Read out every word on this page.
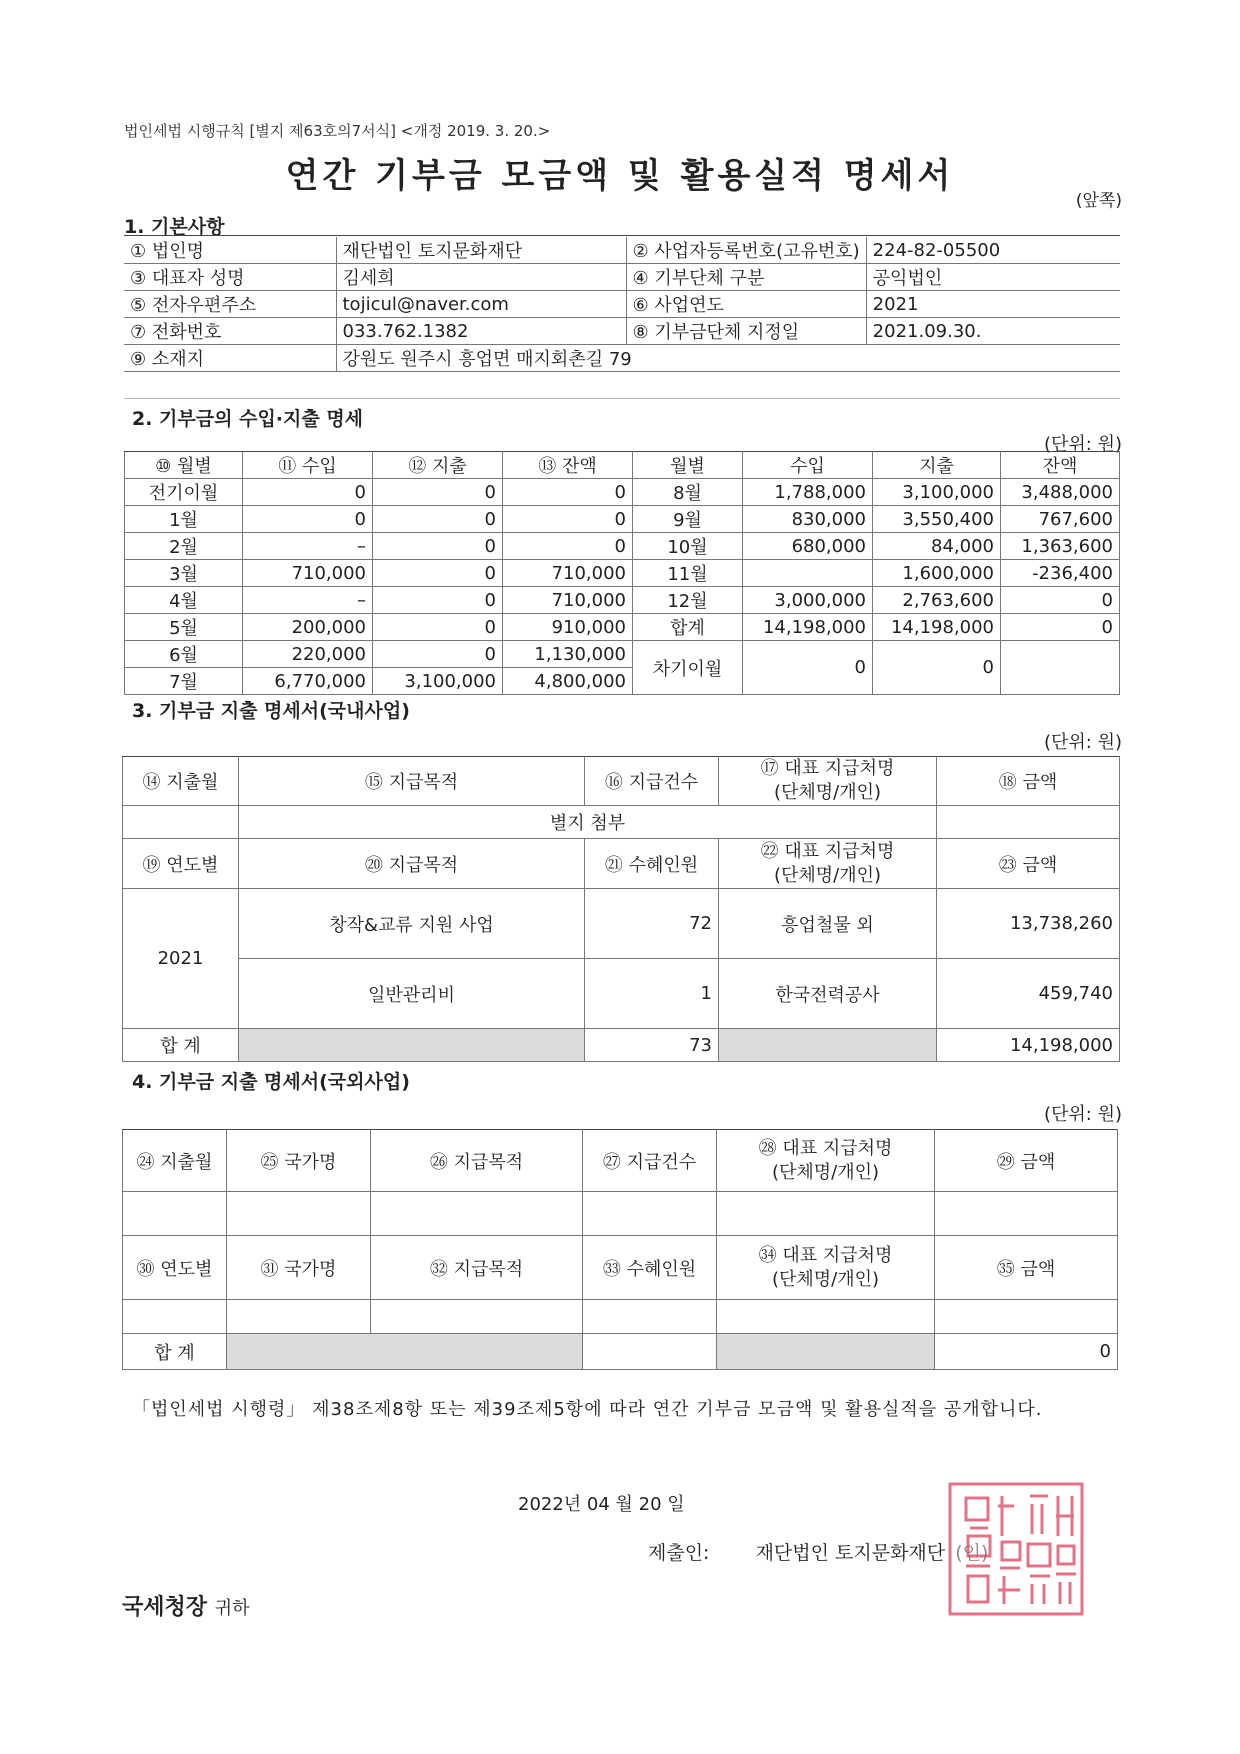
법인세법 시행규칙 [별지 제63호의7서식] <개정 2019. 3. 20.>
연간 기부금 모금액 및 활용실적 명세서
(앞쪽)
1. 기본사항
① 법인명	재단법인 토지문화재단	② 사업자등록번호(고유번호)	224-82-05500
③ 대표자 성명	김세희	④ 기부단체 구분	공익법인
⑤ 전자우편주소	tojicul@naver.com	⑥ 사업연도	2021
⑦ 전화번호	033.762.1382	⑧ 기부금단체 지정일	2021.09.30.
⑨ 소재지	강원도 원주시 흥업면 매지회촌길 79		
2. 기부금의 수입·지출 명세
(단위: 원)
⑩ 월별	⑪ 수입	⑫ 지출	⑬ 잔액	월별	수입	지출	잔액
전기이월	0	0	0	8월	1,788,000	3,100,000	3,488,000
1월	0	0	0	9월	830,000	3,550,400	767,600
2월	–	0	0	10월	680,000	84,000	1,363,600
3월	710,000	0	710,000	11월		1,600,000	-236,400
4월	–	0	710,000	12월	3,000,000	2,763,600	0
5월	200,000	0	910,000	합계	14,198,000	14,198,000	0
6월	220,000	0	1,130,000	차기이월	0	0	
7월	6,770,000	3,100,000	4,800,000				
3. 기부금 지출 명세서(국내사업)
(단위: 원)
⑭ 지출월	⑮ 지급목적	⑯ 지급건수	⑰ 대표 지급처명
(단체명/개인)	⑱ 금액
	별지 첨부			
⑲ 연도별	⑳ 지급목적	㉑ 수혜인원	㉒ 대표 지급처명
(단체명/개인)	㉓ 금액
2021	창작&교류 지원 사업	72	흥업철물 외	13,738,260
	일반관리비	1	한국전력공사	459,740
합 계		73		14,198,000
4. 기부금 지출 명세서(국외사업)
(단위: 원)
㉔ 지출월	㉕ 국가명	㉖ 지급목적	㉗ 지급건수	㉘ 대표 지급처명
(단체명/개인)	㉙ 금액

㉚ 연도별	㉛ 국가명	㉜ 지급목적	㉝ 수혜인원	㉞ 대표 지급처명
(단체명/개인)	㉟ 금액

합 계					0
「법인세법 시행령」 제38조제8항 또는 제39조제5항에 따라 연간 기부금 모금액 및 활용실적을 공개합니다.
2022년 04 월 20 일
제출인: 재단법인 토지문화재단 (인)
국세청장 귀하
